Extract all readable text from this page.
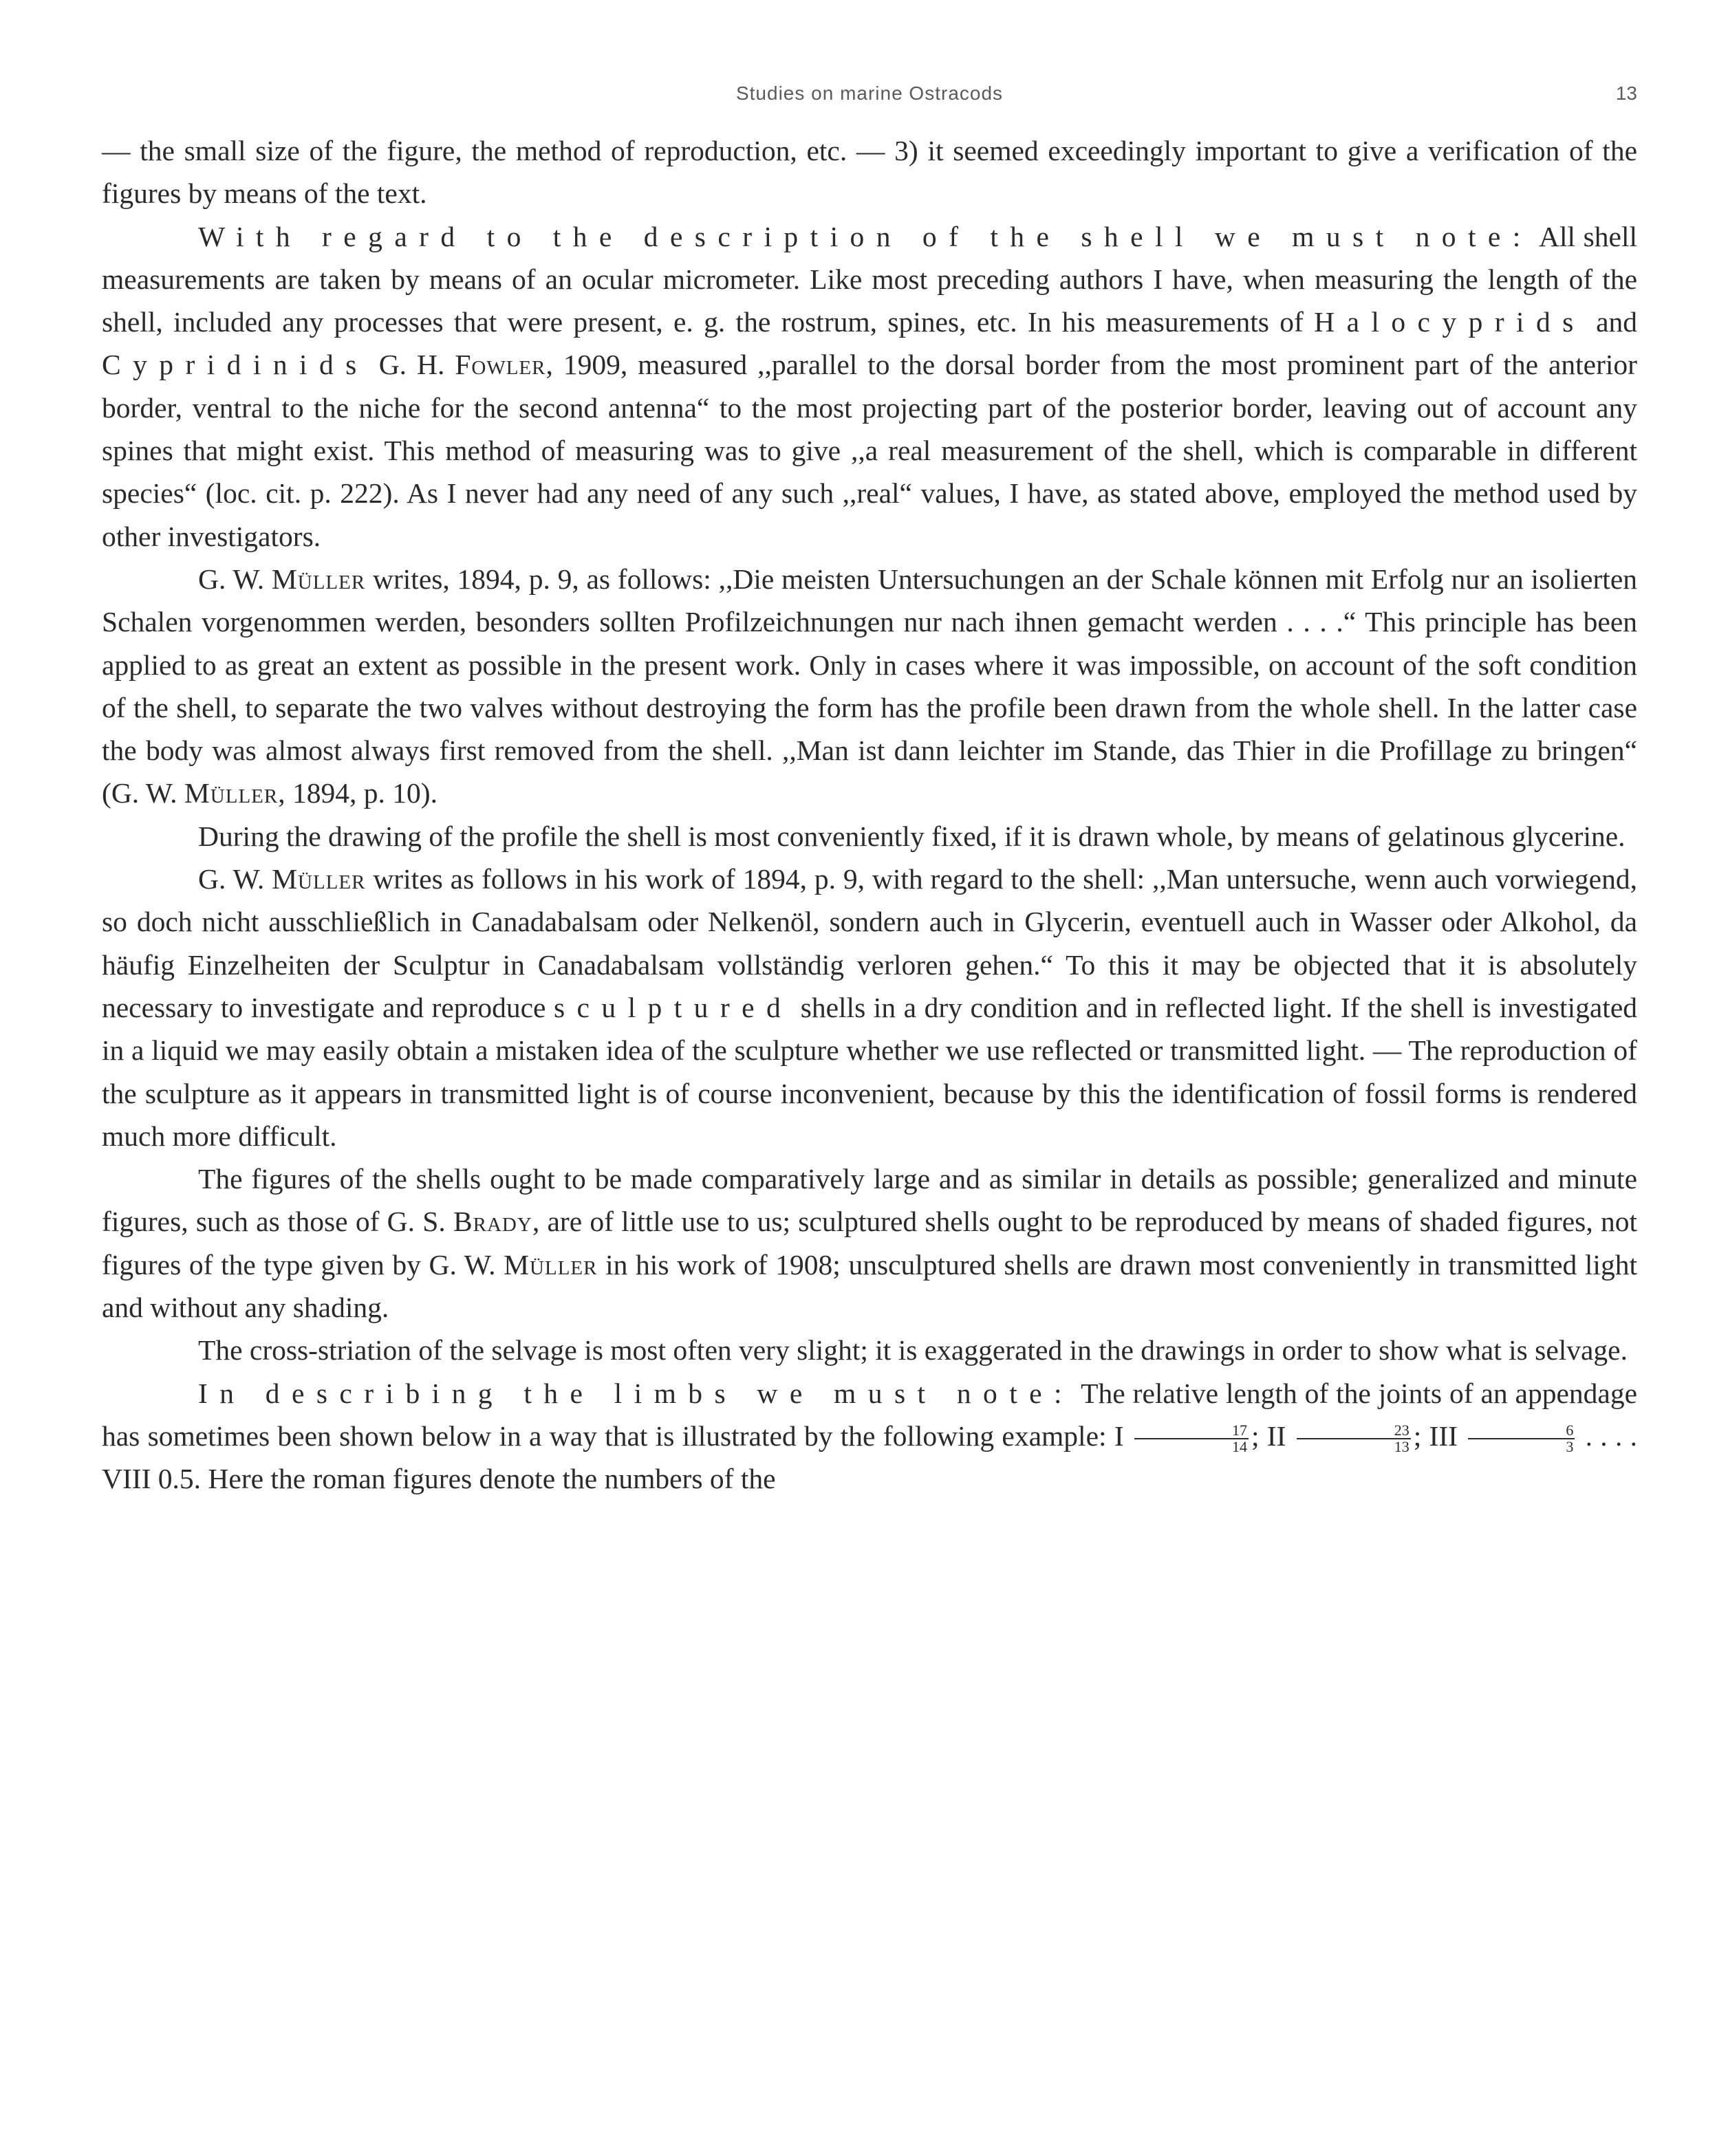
Studies on marine Ostracods	13

— the small size of the figure, the method of reproduction, etc. — 3) it seemed exceedingly important to give a verification of the figures by means of the text.

With regard to the description of the shell we must note: All shell measurements are taken by means of an ocular micrometer. Like most preceding authors I have, when measuring the length of the shell, included any processes that were present, e. g. the rostrum, spines, etc. In his measurements of Halocyprids and Cypridinids G. H. Fowler, 1909, measured ,,parallel to the dorsal border from the most prominent part of the anterior border, ventral to the niche for the second antenna“ to the most projecting part of the posterior border, leaving out of account any spines that might exist. This method of measuring was to give ,,a real measurement of the shell, which is comparable in different species“ (loc. cit. p. 222). As I never had any need of any such ,,real“ values, I have, as stated above, employed the method used by other investigators.

G. W. Müller writes, 1894, p. 9, as follows: ,,Die meisten Untersuchungen an der Schale können mit Erfolg nur an isolierten Schalen vorgenommen werden, besonders sollten Profilzeichnungen nur nach ihnen gemacht werden . . . .“ This principle has been applied to as great an extent as possible in the present work. Only in cases where it was impossible, on account of the soft condition of the shell, to separate the two valves without destroying the form has the profile been drawn from the whole shell. In the latter case the body was almost always first removed from the shell. ,,Man ist dann leichter im Stande, das Thier in die Profillage zu bringen“ (G. W. Müller, 1894, p. 10).

During the drawing of the profile the shell is most conveniently fixed, if it is drawn whole, by means of gelatinous glycerine.

G. W. Müller writes as follows in his work of 1894, p. 9, with regard to the shell: ,,Man untersuche, wenn auch vorwiegend, so doch nicht ausschließlich in Canadabalsam oder Nelkenöl, sondern auch in Glycerin, eventuell auch in Wasser oder Alkohol, da häufig Einzelheiten der Sculptur in Canadabalsam vollständig verloren gehen.“ To this it may be objected that it is absolutely necessary to investigate and reproduce sculptured shells in a dry condition and in reflected light. If the shell is investigated in a liquid we may easily obtain a mistaken idea of the sculpture whether we use reflected or transmitted light. — The reproduction of the sculpture as it appears in transmitted light is of course inconvenient, because by this the identification of fossil forms is rendered much more difficult.

The figures of the shells ought to be made comparatively large and as similar in details as possible; generalized and minute figures, such as those of G. S. Brady, are of little use to us; sculptured shells ought to be reproduced by means of shaded figures, not figures of the type given by G. W. Müller in his work of 1908; unsculptured shells are drawn most conveniently in transmitted light and without any shading.

The cross-striation of the selvage is most often very slight; it is exaggerated in the drawings in order to show what is selvage.

In describing the limbs we must note: The relative length of the joints of an appendage has sometimes been shown below in a way that is illustrated by the following example: I $\frac{17}{14}$ ; II $\frac{23}{13}$ ; III $\frac{6}{3}$ . . . . VIII 0.5. Here the roman figures denote the numbers of the
